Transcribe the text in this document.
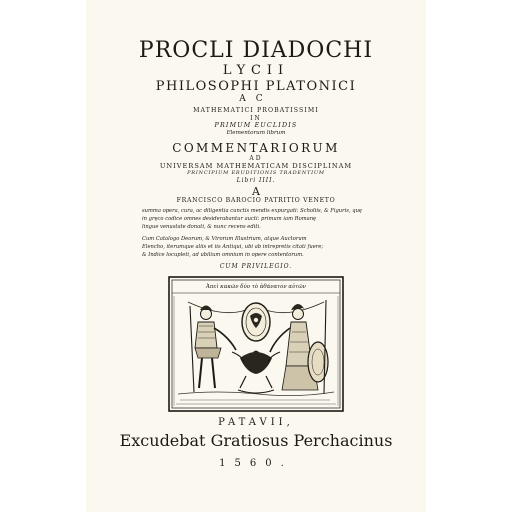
PROCLI DIADOCHI
LYCII
PHILOSOPHI PLATONICI
AC
MATHEMATICI PROBATISSIMI
IN
PRIMUM EUCLIDIS
Elementorum librum
COMMENTARIORUM
AD
UNIVERSAM MATHEMATICAM DISCIPLINAM
PRINCIPIUM ERUDITIONIS TRADENTIUM
Libri IIII.
A
FRANCISCO BAROCIO PATRITIO VENETO
summa opera, cura, ac diligentia cunctis mendis expurgati: Scholiis, & Figuris, quę
in gręco codice omnes desiderabantur aucti: primum iam Romanę
lingue venustate donati, & nunc recens editi.
Cum Catalogo Deorum, & Virorum Illustrium, atque Auctorum
Elencho, iterumque aliis et iis Antiqui, ubi ab intrepretis citati fuere;
& Indice locupleti, ad ubilium omnium in opere contentorum.
CUM PRIVILEGIO.
Ἀπεὶ κακῶν δύο τὸ ἀθάνατον αὐτῶν
PATAVII,
Excudebat Gratiosus Perchacinus
1560.
